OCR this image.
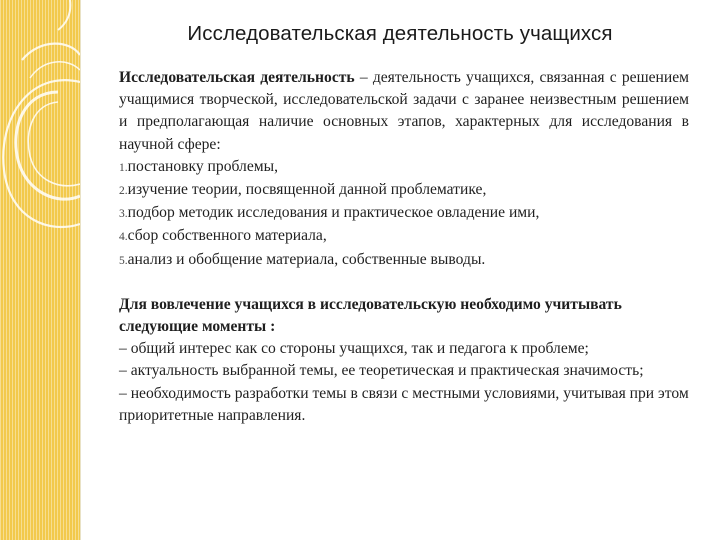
Исследовательская деятельность учащихся

Исследовательская деятельность – деятельность учащихся, связанная с решением учащимися творческой, исследовательской задачи с заранее неизвестным решением и предполагающая наличие основных этапов, характерных для исследования в научной сфере:

1.постановку проблемы,
2.изучение теории, посвященной данной проблематике,
3.подбор методик исследования и практическое овладение ими,
4.сбор собственного материала,
5.анализ и обобщение материала, собственные выводы.

Для вовлечение учащихся в исследовательскую необходимо учитывать следующие моменты :

– общий интерес как со стороны учащихся, так и педагога к проблеме;

– актуальность выбранной темы, ее теоретическая и практическая значимость;

– необходимость разработки темы в связи с местными условиями, учитывая при этом приоритетные направления.
